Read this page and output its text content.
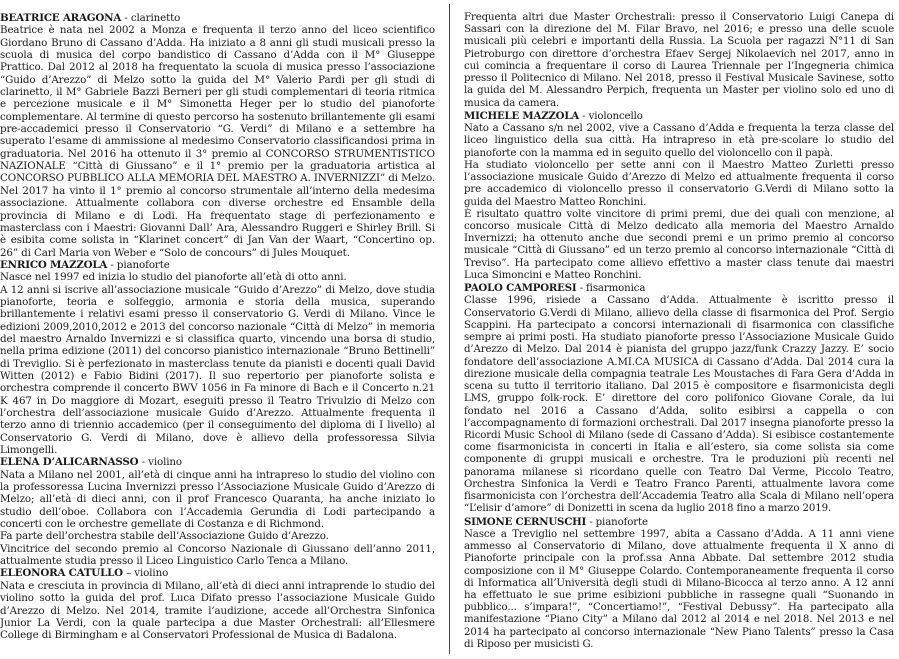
BEATRICE ARAGONA - clarinetto

Beatrice è nata nel 2002 a Monza e frequenta il terzo anno del liceo scientifico Giordano Bruno di Cassano d’Adda. Ha iniziato a 8 anni gli studi musicali presso la scuola di musica del corpo bandistico di Cassano d’Adda con il M° Giuseppe Prattico. Dal 2012 al 2018 ha frequentato la scuola di musica presso l’associazione “Guido d’Arezzo” di Melzo sotto la guida del M° Valerio Pardi per gli studi di clarinetto, il M° Gabriele Bazzi Berneri per gli studi complementari di teoria ritmica e percezione musicale e il M° Simonetta Heger per lo studio del pianoforte complementare. Al termine di questo percorso ha sostenuto brillantemente gli esami pre-accademici presso il Conservatorio “G. Verdi” di Milano e a settembre ha superato l’esame di ammissione al medesimo Conservatorio classificandosi prima in graduatoria. Nel 2016 ha ottenuto il 3° premio al CONCORSO STRUMENTISTICO NAZIONALE “Città di Giussano” e il 1° premio per la graduatoria artistica al CONCORSO PUBBLICO ALLA MEMORIA DEL MAESTRO A. INVERNIZZI” di Melzo. Nel 2017 ha vinto il 1° premio al concorso strumentale all’interno della medesima associazione. Attualmente collabora con diverse orchestre ed Ensamble della provincia di Milano e di Lodi. Ha frequentato stage di perfezionamento e masterclass con i Maestri: Giovanni Dall’ Ara, Alessandro Ruggeri e Shirley Brill. Si è esibita come solista in “Klarinet concert” di Jan Van der Waart, “Concertino op. 26” di Carl Maria von Weber e “Solo de concours” di Jules Mouquet.

ENRICO MAZZOLA - pianoforte

Nasce nel 1997 ed inizia lo studio del pianoforte all’età di otto anni.

A 12 anni si iscrive all’associazione musicale “Guido d’Arezzo” di Melzo, dove studia pianoforte, teoria e solfeggio, armonia e storia della musica, superando brillantemente i relativi esami presso il conservatorio G. Verdi di Milano. Vince le edizioni 2009,2010,2012 e 2013 del concorso nazionale “Città di Melzo” in memoria del maestro Arnaldo Invernizzi e si classifica quarto, vincendo una borsa di studio, nella prima edizione (2011) del concorso pianistico internazionale “Bruno Bettinelli” di Treviglio. Si è perfezionato in masterclass tenute da pianisti e docenti quali David Witten (2012) e Fabio Bidini (2017). Il suo repertorio per pianoforte solista e orchestra comprende il concerto BWV 1056 in Fa minore di Bach e il Concerto n.21 K 467 in Do maggiore di Mozart, eseguiti presso il Teatro Trivulzio di Melzo con l’orchestra dell’associazione musicale Guido d’Arezzo. Attualmente frequenta il terzo anno di triennio accademico (per il conseguimento del diploma di I livello) al Conservatorio G. Verdi di Milano, dove è allievo della professoressa Silvia Limongelli.

ELENA D’ALICARNASSO - violino

Nata a Milano nel 2001, all’età di cinque anni ha intrapreso lo studio del violino con la professoressa Lucina Invernizzi presso l’Associazione Musicale Guido d’Arezzo di Melzo; all’età di dieci anni, con il prof Francesco Quaranta, ha anche iniziato lo studio dell’oboe. Collabora con l’Accademia Gerundia di Lodi partecipando a concerti con le orchestre gemellate di Costanza e di Richmond.

Fa parte dell’orchestra stabile dell’Associazione Guido d’Arezzo.

Vincitrice del secondo premio al Concorso Nazionale di Giussano dell’anno 2011, attualmente studia presso il Liceo Linguistico Carlo Tenca a Milano.

ELEONORA CATULLO – violino

Nata e cresciuta in provincia di Milano, all’età di dieci anni intraprende lo studio del violino sotto la guida del prof. Luca Difato presso l’associazione Musicale Guido d’Arezzo di Melzo. Nel 2014, tramite l’audizione, accede all’Orchestra Sinfonica Junior La Verdi, con la quale partecipa a due Master Orchestrali: all’Ellesmere College di Birmingham e al Conservatori Professional de Musica di Badalona.

Frequenta altri due Master Orchestrali: presso il Conservatorio Luigi Canepa di Sassari con la direzione del M. Filar Bravo, nel 2016; e presso una delle scuole musicali più celebri e importanti della Russia. La Scuola per ragazzi N°11 di San Pietroburgo con direttore d’orchestra Efaev Sergej Nikolaevich nel 2017, anno in cui comincia a frequentare il corso di Laurea Triennale per l’Ingegneria chimica presso il Politecnico di Milano. Nel 2018, presso il Festival Musicale Savinese, sotto la guida del M. Alessandro Perpich, frequenta un Master per violino solo ed uno di musica da camera.

MICHELE MAZZOLA - violoncello

Nato a Cassano s/n nel 2002, vive a Cassano d’Adda e frequenta la terza classe del liceo linguistico della sua città. Ha intrapreso in età pre-scolare lo studio del pianoforte con la mamma ed in seguito quello del violoncello con il papà.

Ha studiato violoncello per sette anni con il Maestro Matteo Zurletti presso l’associazione musicale Guido d’Arezzo di Melzo ed attualmente frequenta il corso pre accademico di violoncello presso il conservatorio G.Verdi di Milano sotto la guida del Maestro Matteo Ronchini.

È risultato quattro volte vincitore di primi premi, due dei quali con menzione, al concorso musicale Città di Melzo dedicato alla memoria del Maestro Arnaldo Invernizzi; ha ottenuto anche due secondi premi e un primo premio al concorso musicale “Città di Giussano” ed un terzo premio al concorso internazionale “Città di Treviso”. Ha partecipato come allievo effettivo a master class tenute dai maestri Luca Simoncini e Matteo Ronchini.

PAOLO CAMPORESI - fisarmonica

Classe 1996, risiede a Cassano d’Adda. Attualmente è iscritto presso il Conservatorio G.Verdi di Milano, allievo della classe di fisarmonica del Prof. Sergio Scappini. Ha partecipato a concorsi internazionali di fisarmonica con classifiche sempre ai primi posti. Ha studiato pianoforte presso l’Associazione Musicale Guido d’Arezzo di Melzo. Dal 2014 è pianista del gruppo jazz/funk Crazzy Jazzy. E’ socio fondatore dell’associazione A.MI.CA MUSICA di Cassano d’Adda. Dal 2014 cura la direzione musicale della compagnia teatrale Les Moustaches di Fara Gera d’Adda in scena su tutto il territorio italiano. Dal 2015 è compositore e fisarmonicista degli LMS, gruppo folk-rock. E’ direttore del coro polifonico Giovane Corale, da lui fondato nel 2016 a Cassano d’Adda, solito esibirsi a cappella o con l’accompagnamento di formazioni orchestrali. Dal 2017 insegna pianoforte presso la Ricordi Music School di Milano (sede di Cassano d’Adda). Si esibisce costantemente come fisarmonicista in concerti in Italia e all’estero, sia come solista sia come componente di gruppi musicali e orchestre. Tra le produzioni più recenti nel panorama milanese si ricordano quelle con Teatro Dal Verme, Piccolo Teatro, Orchestra Sinfonica la Verdi e Teatro Franco Parenti, attualmente lavora come fisarmonicista con l’orchestra dell’Accademia Teatro alla Scala di Milano nell’opera “L’elisir d’amore” di Donizetti in scena da luglio 2018 fino a marzo 2019.

SIMONE CERNUSCHI - pianoforte

Nasce a Treviglio nel settembre 1997, abita a Cassano d’Adda. A 11 anni viene ammesso al Conservatorio di Milano, dove attualmente frequenta il X anno di Pianoforte principale con la prof.ssa Anna Abbate. Dal settembre 2012 studia composizione con il M° Giuseppe Colardo. Contemporaneamente frequenta il corso di Informatica all’Università degli studi di Milano-Bicocca al terzo anno. A 12 anni ha effettuato le sue prime esibizioni pubbliche in rassegne quali “Suonando in pubblico... s’impara!”, “Concertiamo!”, “Festival Debussy”. Ha partecipato alla manifestazione “Piano City” a Milano dal 2012 al 2014 e nel 2018. Nel 2013 e nel 2014 ha partecipato al concorso internazionale “New Piano Talents” presso la Casa di Riposo per musicisti G.
